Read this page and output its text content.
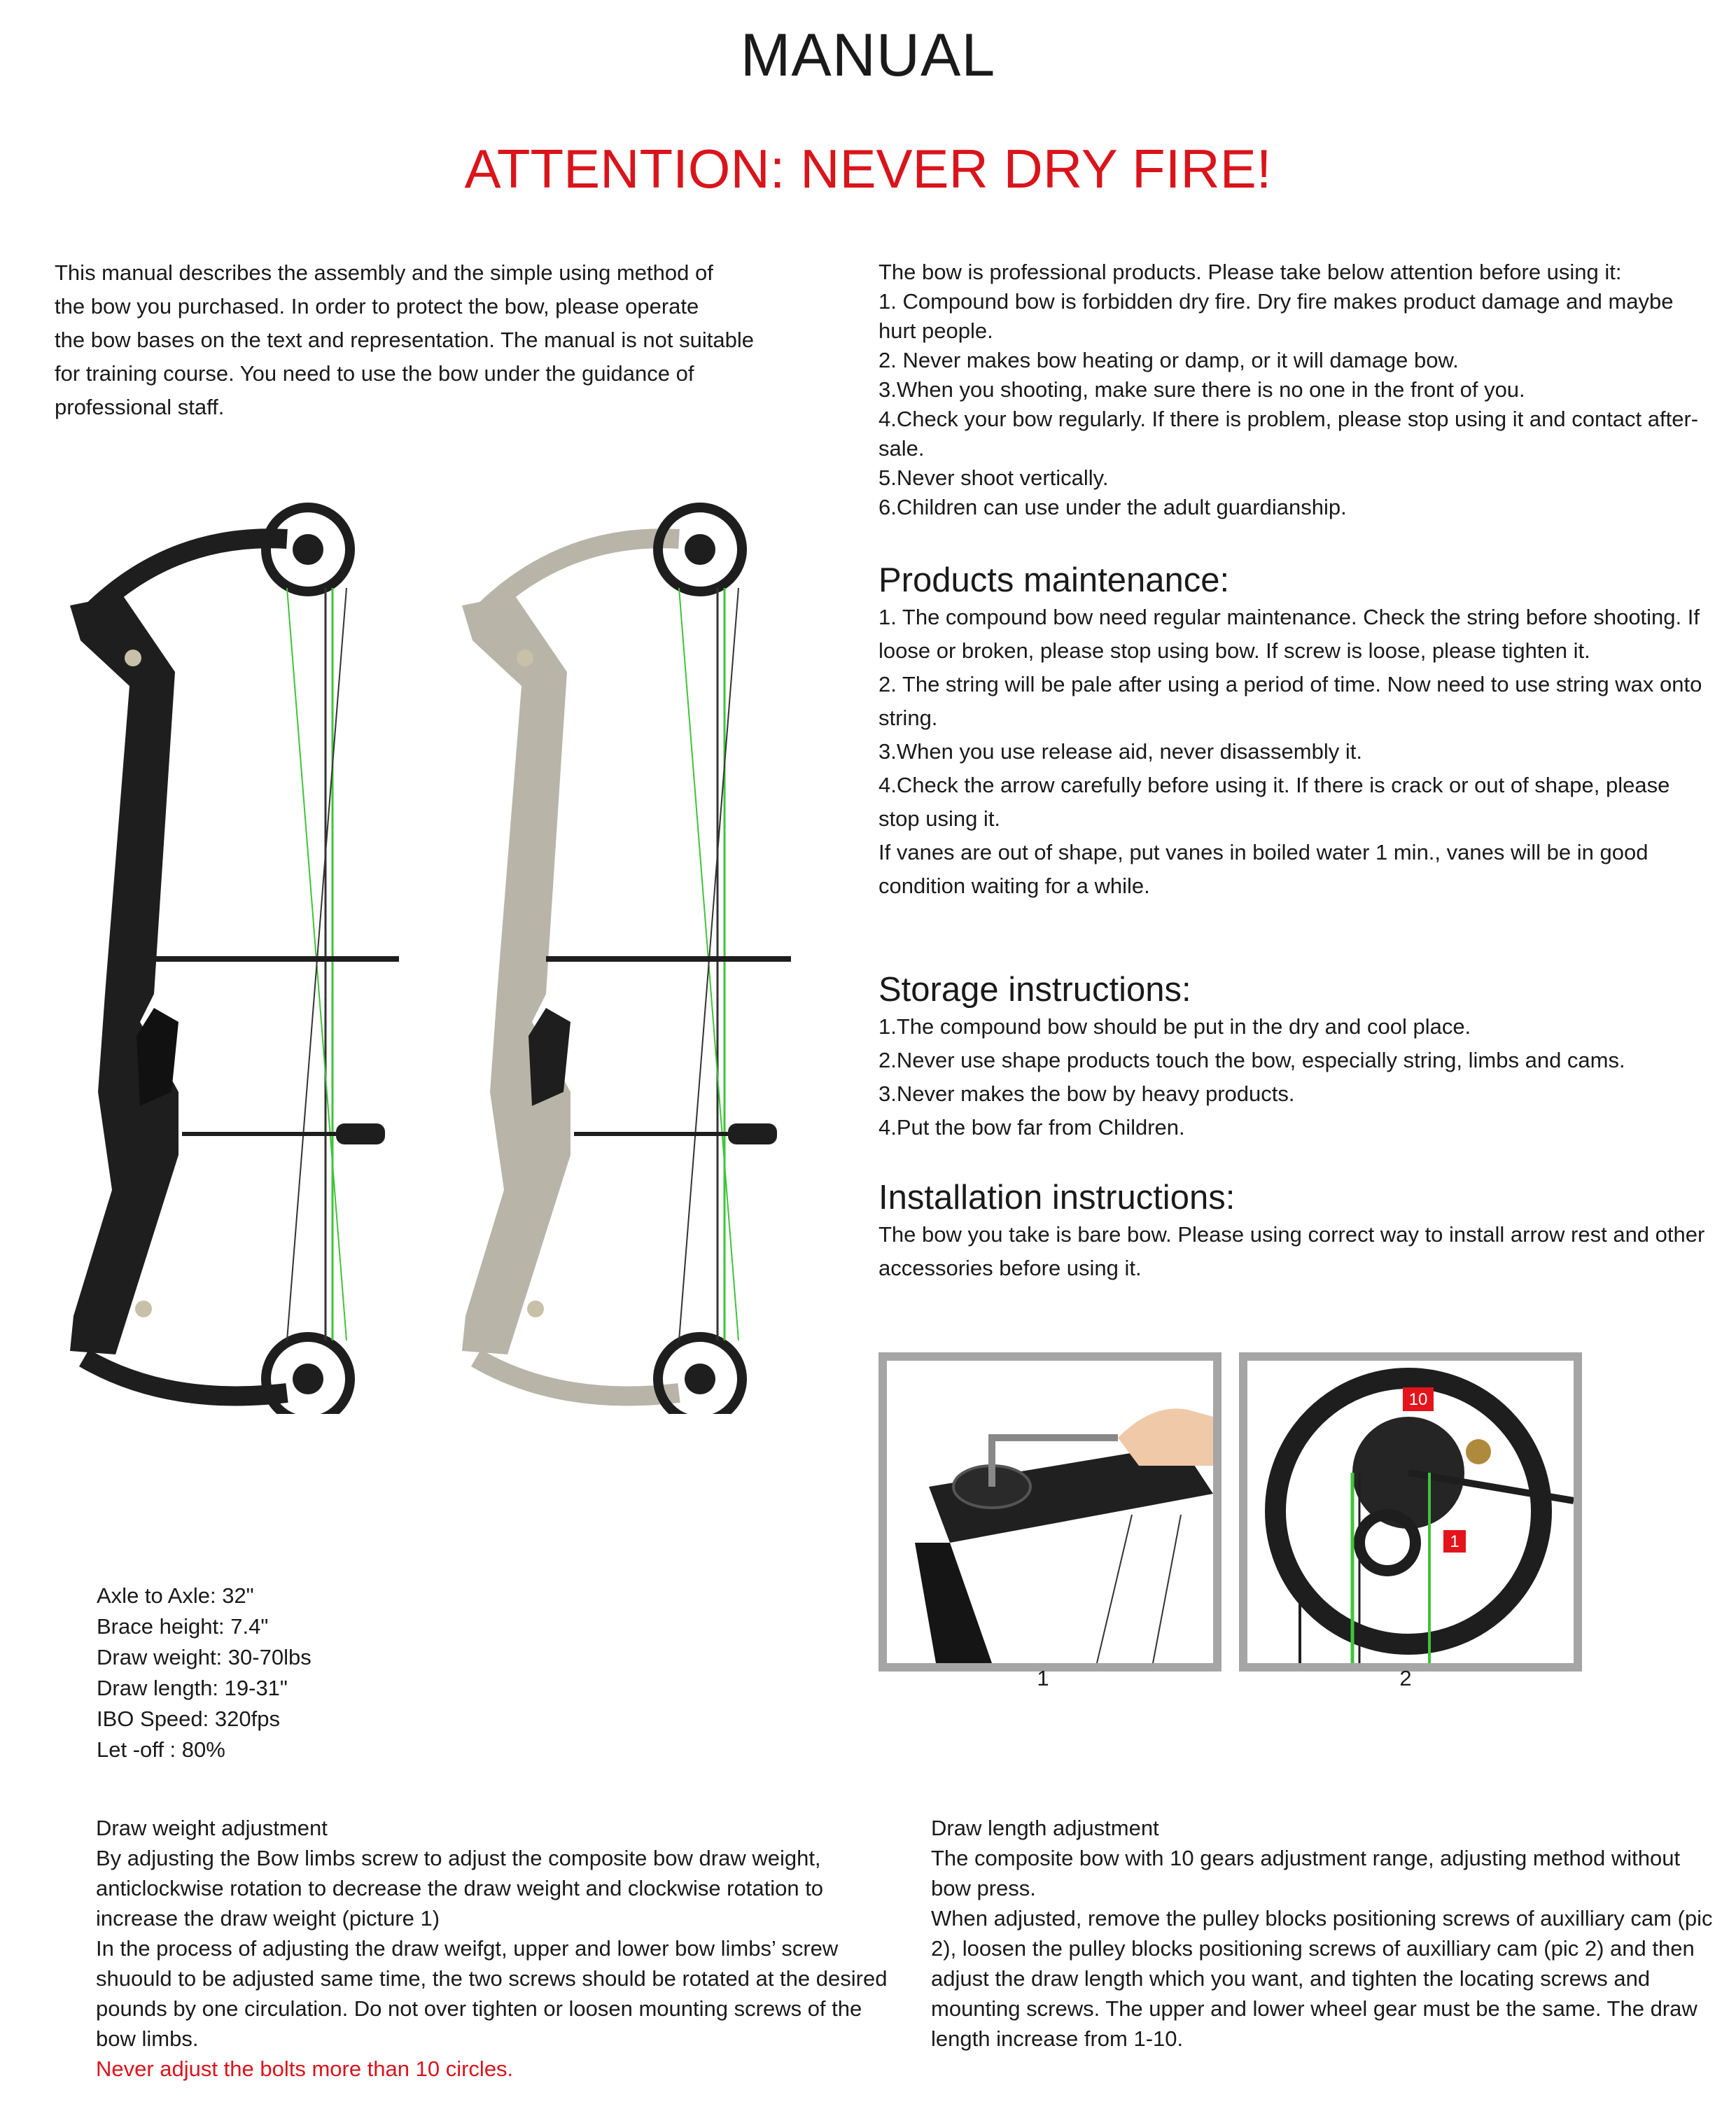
MANUAL
ATTENTION: NEVER DRY FIRE!

This manual describes the assembly and the simple using method of

the bow you purchased. In order to protect the bow, please operate

the bow bases on the text and representation. The manual is not suitable

for training course. You need to use the bow under the guidance of

professional staff.

The bow is professional products. Please take below attention before using it:
1. Compound bow is forbidden dry fire. Dry fire makes product damage and maybe hurt people.
2. Never makes bow heating or damp, or it will damage bow.
3.When you shooting, make sure there is no one in the front of you.
4.Check your bow regularly. If there is problem, please stop using it and contact after-sale.
5.Never shoot vertically.
6.Children can use under the adult guardianship.
Products maintenance:

1. The compound bow need regular maintenance. Check the string before shooting. If loose or broken, please stop using bow. If screw is loose, please tighten it.

2. The string will be pale after using a period of time. Now need to use string wax onto string.

3.When you use release aid, never disassembly it.

4.Check the arrow carefully before using it. If there is crack or out of shape, please stop using it.

If vanes are out of shape, put vanes in boiled water 1 min., vanes will be in good condition waiting for a while.

Storage instructions:

1.The compound bow should be put in the dry and cool place.

2.Never use shape products touch the bow, especially string, limbs and cams.

3.Never makes the bow by heavy products.

4.Put the bow far from Children.

Installation instructions:

The bow you take is bare bow. Please using correct way to install arrow rest and other accessories before using it.

1
10
1
2
Axle to Axle: 32"
Brace height: 7.4"
Draw weight: 30-70lbs
Draw length: 19-31"
IBO Speed: 320fps
Let -off : 80%

Draw weight adjustment

By adjusting the Bow limbs screw to adjust the composite bow draw weight, anticlockwise rotation to decrease the draw weight and clockwise rotation to increase the draw weight (picture 1)

In the process of adjusting the draw weifgt, upper and lower bow limbs’ screw shuould to be adjusted same time, the two screws should be rotated at the desired pounds by one circulation. Do not over tighten or loosen mounting screws of the bow limbs.

Never adjust the bolts more than 10 circles.

Draw length adjustment

The composite bow with 10 gears adjustment range, adjusting method without bow press.

When adjusted, remove the pulley blocks positioning screws of auxilliary cam (pic 2), loosen the pulley blocks positioning screws of auxilliary cam (pic 2) and then adjust the draw length which you want, and tighten the locating screws and mounting screws. The upper and lower wheel gear must be the same. The draw length increase from 1-10.
